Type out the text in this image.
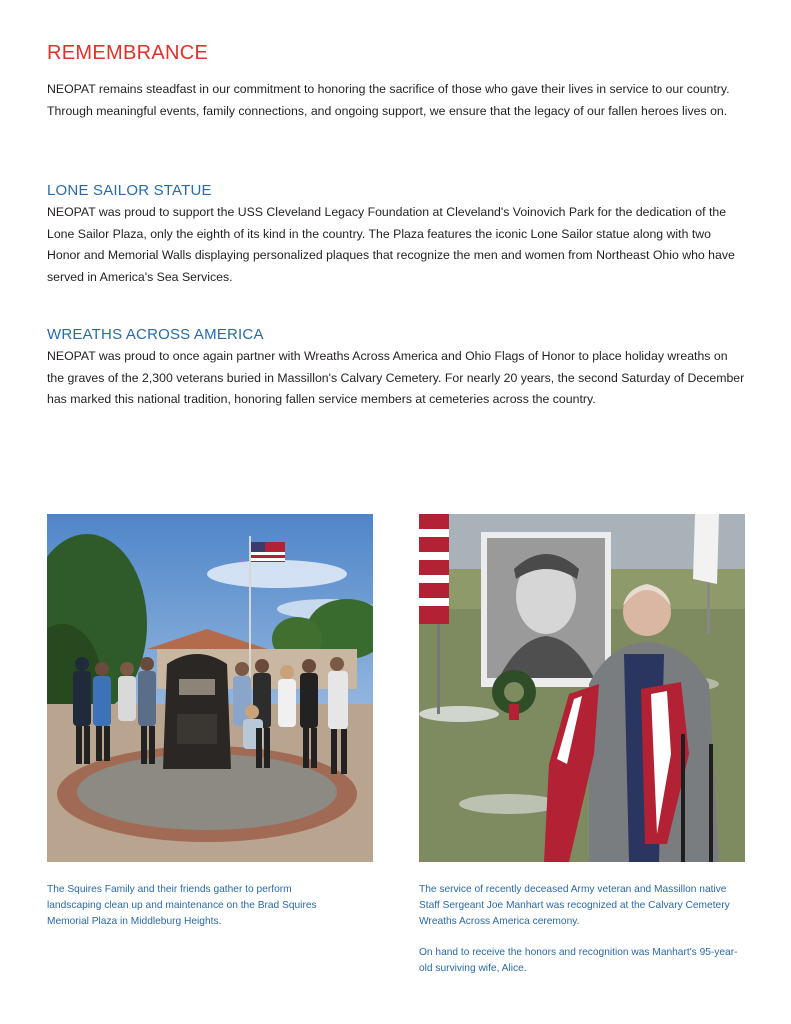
REMEMBRANCE

NEOPAT remains steadfast in our commitment to honoring the sacrifice of those who gave their lives in service to our country. Through meaningful events, family connections, and ongoing support, we ensure that the legacy of our fallen heroes lives on.

LONE SAILOR STATUE

NEOPAT was proud to support the USS Cleveland Legacy Foundation at Cleveland's Voinovich Park for the dedication of the Lone Sailor Plaza, only the eighth of its kind in the country. The Plaza features the iconic Lone Sailor statue along with two Honor and Memorial Walls displaying personalized plaques that recognize the men and women from Northeast Ohio who have served in America's Sea Services.

WREATHS ACROSS AMERICA

NEOPAT was proud to once again partner with Wreaths Across America and Ohio Flags of Honor to place holiday wreaths on the graves of the 2,300 veterans buried in Massillon's Calvary Cemetery. For nearly 20 years, the second Saturday of December has marked this national tradition, honoring fallen service members at cemeteries across the country.

The Squires Family and their friends gather to perform landscaping clean up and maintenance on the Brad Squires Memorial Plaza in Middleburg Heights.

The service of recently deceased Army veteran and Massillon native Staff Sergeant Joe Manhart was recognized at the Calvary Cemetery Wreaths Across America ceremony.

On hand to receive the honors and recognition was Manhart's 95-year-old surviving wife, Alice.
